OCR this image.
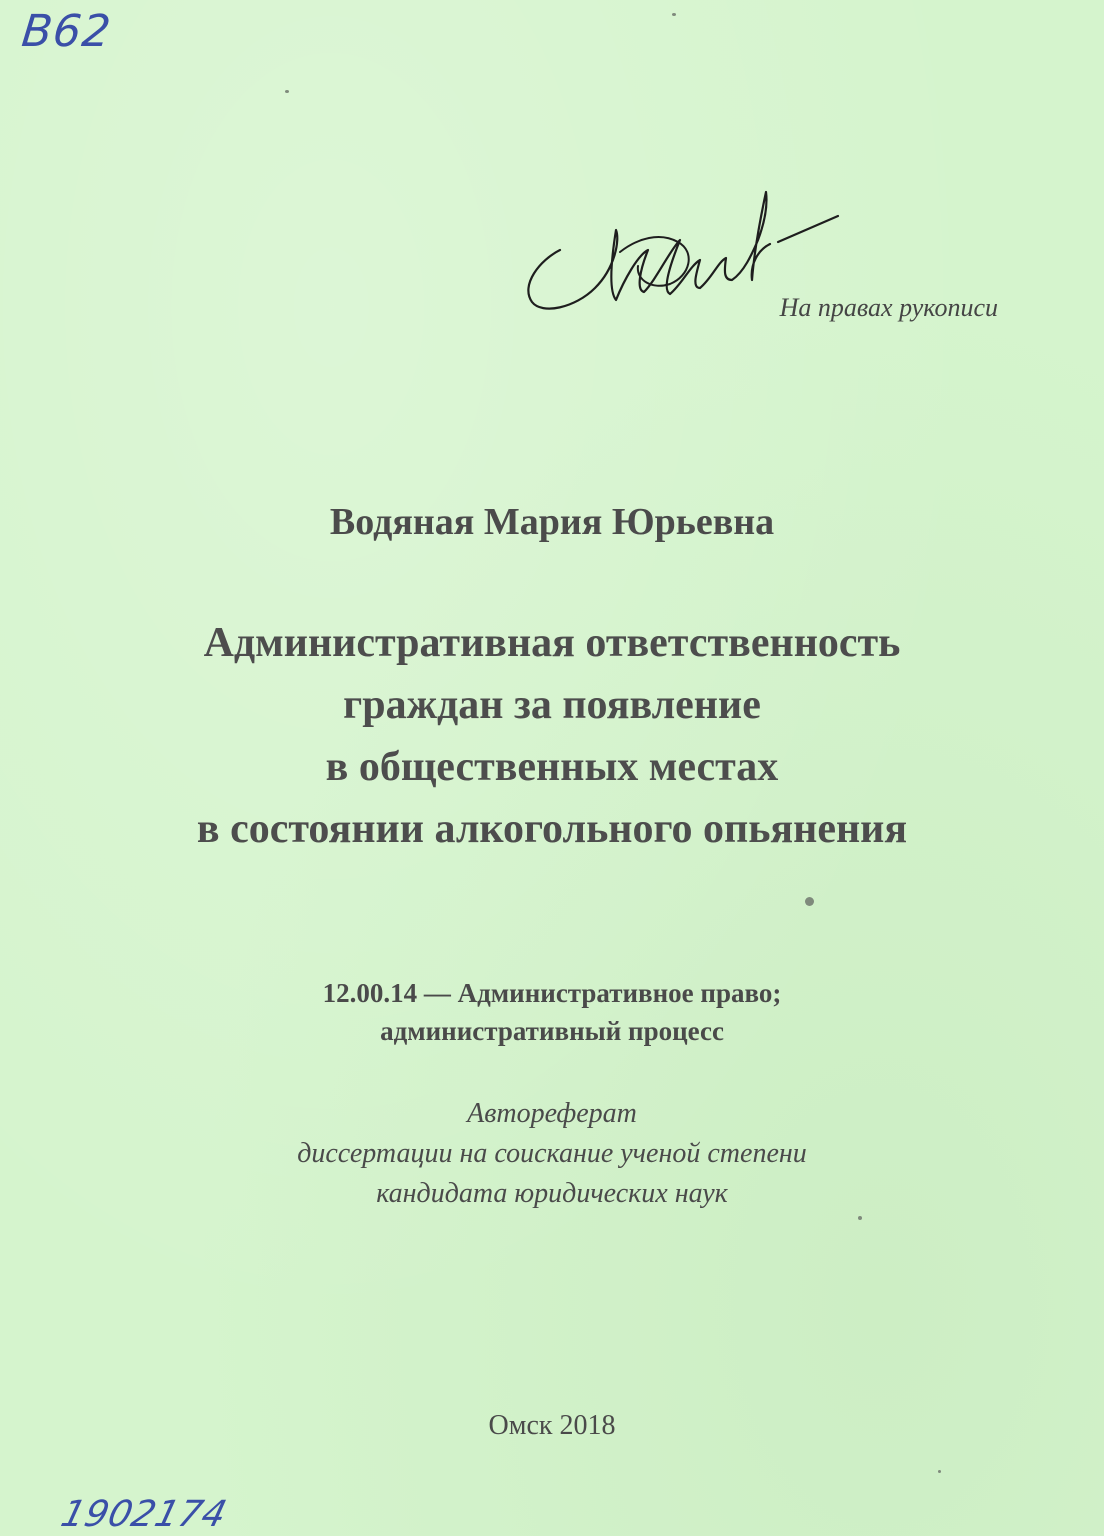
В62
На правах рукописи
Водяная Мария Юрьевна
Административная ответственность
граждан за появление
в общественных местах
в состоянии алкогольного опьянения
12.00.14 — Административное право;
административный процесс
Автореферат
диссертации на соискание ученой степени
кандидата юридических наук
Омск 2018
1902174
